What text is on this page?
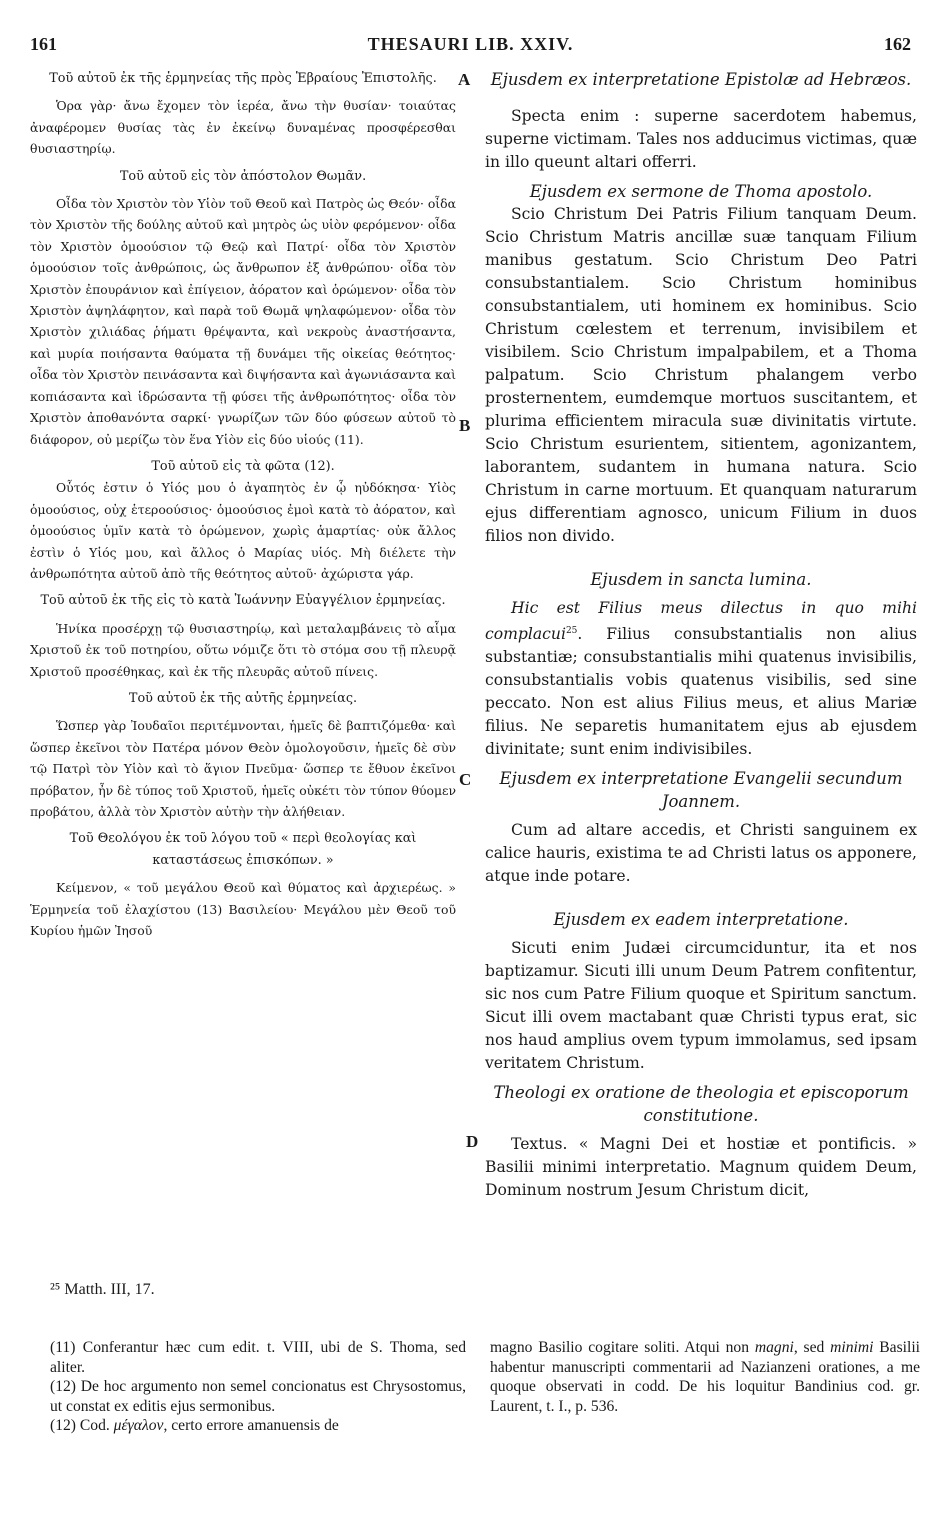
161	THESAURI LIB. XXIV.	162
A
B
C
D

Τοῦ αὐτοῦ ἐκ τῆς ἑρμηνείας τῆς πρὸς Ἑβραίους Ἐπιστολῆς.

Ὁρα γὰρ· ἄνω ἔχομεν τὸν ἱερέα, ἄνω τὴν θυσίαν· τοιαύτας ἀναφέρομεν θυσίας τὰς ἐν ἐκείνῳ δυναμένας προσφέρεσθαι θυσιαστηρίῳ.

Τοῦ αὐτοῦ εἰς τὸν ἀπόστολον Θωμᾶν.

Οἶδα τὸν Χριστὸν τὸν Υἱὸν τοῦ Θεοῦ καὶ Πατρὸς ὡς Θεόν· οἶδα τὸν Χριστὸν τῆς δούλης αὐτοῦ καὶ μητρὸς ὡς υἱὸν φερόμενον· οἶδα τὸν Χριστὸν ὁμοούσιον τῷ Θεῷ καὶ Πατρί· οἶδα τὸν Χριστὸν ὁμοούσιον τοῖς ἀνθρώποις, ὡς ἄνθρωπον ἐξ ἀνθρώπου· οἶδα τὸν Χριστὸν ἐπουράνιον καὶ ἐπίγειον, ἀόρατον καὶ ὁρώμενον· οἶδα τὸν Χριστὸν ἀψηλάφητον, καὶ παρὰ τοῦ Θωμᾶ ψηλαφώμενον· οἶδα τὸν Χριστὸν χιλιάδας ῥήματι θρέψαντα, καὶ νεκροὺς ἀναστήσαντα, καὶ μυρία ποιήσαντα θαύματα τῇ δυνάμει τῆς οἰκείας θεότητος· οἶδα τὸν Χριστὸν πεινάσαντα καὶ διψήσαντα καὶ ἀγωνιάσαντα καὶ κοπιάσαντα καὶ ἱδρώσαντα τῇ φύσει τῆς ἀνθρωπότητος· οἶδα τὸν Χριστὸν ἀποθανόντα σαρκί· γνωρίζων τῶν δύο φύσεων αὐτοῦ τὸ διάφορον, οὐ μερίζω τὸν ἕνα Υἱὸν εἰς δύο υἱούς (11).

Τοῦ αὐτοῦ εἰς τὰ φῶτα (12).

Οὗτός ἐστιν ὁ Υἱός μου ὁ ἀγαπητὸς ἐν ᾧ ηὐδόκησα· Υἱὸς ὁμοούσιος, οὐχ ἑτεροούσιος· ὁμοούσιος ἐμοὶ κατὰ τὸ ἀόρατον, καὶ ὁμοούσιος ὑμῖν κατὰ τὸ ὁρώμενον, χωρὶς ἁμαρτίας· οὐκ ἄλλος ἐστὶν ὁ Υἱός μου, καὶ ἄλλος ὁ Μαρίας υἱός. Μὴ διέλετε τὴν ἀνθρωπότητα αὐτοῦ ἀπὸ τῆς θεότητος αὐτοῦ· ἀχώριστα γάρ.

Τοῦ αὐτοῦ ἐκ τῆς εἰς τὸ κατὰ Ἰωάννην Εὐαγγέλιον ἑρμηνείας.

Ἡνίκα προσέρχῃ τῷ θυσιαστηρίῳ, καὶ μεταλαμβάνεις τὸ αἷμα Χριστοῦ ἐκ τοῦ ποτηρίου, οὕτω νόμιζε ὅτι τὸ στόμα σου τῇ πλευρᾷ Χριστοῦ προσέθηκας, καὶ ἐκ τῆς πλευρᾶς αὐτοῦ πίνεις.

Τοῦ αὐτοῦ ἐκ τῆς αὐτῆς ἑρμηνείας.

Ὥσπερ γὰρ Ἰουδαῖοι περιτέμνονται, ἡμεῖς δὲ βαπτιζόμεθα· καὶ ὥσπερ ἐκεῖνοι τὸν Πατέρα μόνον Θεὸν ὁμολογοῦσιν, ἡμεῖς δὲ σὺν τῷ Πατρὶ τὸν Υἱὸν καὶ τὸ ἅγιον Πνεῦμα· ὥσπερ τε ἔθυον ἐκεῖνοι πρόβατον, ἦν δὲ τύπος τοῦ Χριστοῦ, ἡμεῖς οὐκέτι τὸν τύπον θύομεν προβάτου, ἀλλὰ τὸν Χριστὸν αὐτὴν τὴν ἀλήθειαν.

Τοῦ Θεολόγου ἐκ τοῦ λόγου τοῦ « περὶ θεολογίας καὶ καταστάσεως ἐπισκόπων. »

Κείμενον, « τοῦ μεγάλου Θεοῦ καὶ θύματος καὶ ἀρχιερέως. » Ἑρμηνεία τοῦ ἐλαχίστου (13) Βασιλείου· Μεγάλου μὲν Θεοῦ τοῦ Κυρίου ἡμῶν Ἰησοῦ

Ejusdem ex interpretatione Epistolæ ad Hebræos.

Specta enim : superne sacerdotem habemus, superne victimam. Tales nos adducimus victimas, quæ in illo queunt altari offerri.

Ejusdem ex sermone de Thoma apostolo.

Scio Christum Dei Patris Filium tanquam Deum. Scio Christum Matris ancillæ suæ tanquam Filium manibus gestatum. Scio Christum Deo Patri consubstantialem. Scio Christum hominibus consubstantialem, uti hominem ex hominibus. Scio Christum cœlestem et terrenum, invisibilem et visibilem. Scio Christum impalpabilem, et a Thoma palpatum. Scio Christum phalangem verbo prosternentem, eumdemque mortuos suscitantem, et plurima efficientem miracula suæ divinitatis virtute. Scio Christum esurientem, sitientem, agonizantem, laborantem, sudantem in humana natura. Scio Christum in carne mortuum. Et quanquam naturarum ejus differentiam agnosco, unicum Filium in duos filios non divido.

Ejusdem in sancta lumina.

Hic est Filius meus dilectus in quo mihi complacui$^{25}$. Filius consubstantialis non alius substantiæ; consubstantialis mihi quatenus invisibilis, consubstantialis vobis quatenus visibilis, sed sine peccato. Non est alius Filius meus, et alius Mariæ filius. Ne separetis humanitatem ejus ab ejusdem divinitate; sunt enim indivisibiles.

Ejusdem ex interpretatione Evangelii secundum Joannem.

Cum ad altare accedis, et Christi sanguinem ex calice hauris, existima te ad Christi latus os apponere, atque inde potare.

Ejusdem ex eadem interpretatione.

Sicuti enim Judæi circumciduntur, ita et nos baptizamur. Sicuti illi unum Deum Patrem confitentur, sic nos cum Patre Filium quoque et Spiritum sanctum. Sicut illi ovem mactabant quæ Christi typus erat, sic nos haud amplius ovem typum immolamus, sed ipsam veritatem Christum.

Theologi ex oratione de theologia et episcoporum constitutione.

Textus. « Magni Dei et hostiæ et pontificis. » Basilii minimi interpretatio. Magnum quidem Deum, Dominum nostrum Jesum Christum dicit,

²⁵ Matth. III, 17.

(11) Conferantur hæc cum edit. t. VIII, ubi de S. Thoma, sed aliter.

(12) De hoc argumento non semel concionatus est Chrysostomus, ut constat ex editis ejus sermonibus.

(12) Cod. μέγαλον, certo errore amanuensis de

magno Basilio cogitare soliti. Atqui non magni, sed minimi Basilii habentur manuscripti commentarii ad Nazianzeni orationes, a me quoque observati in codd. De his loquitur Bandinius cod. gr. Laurent, t. I., p. 536.
